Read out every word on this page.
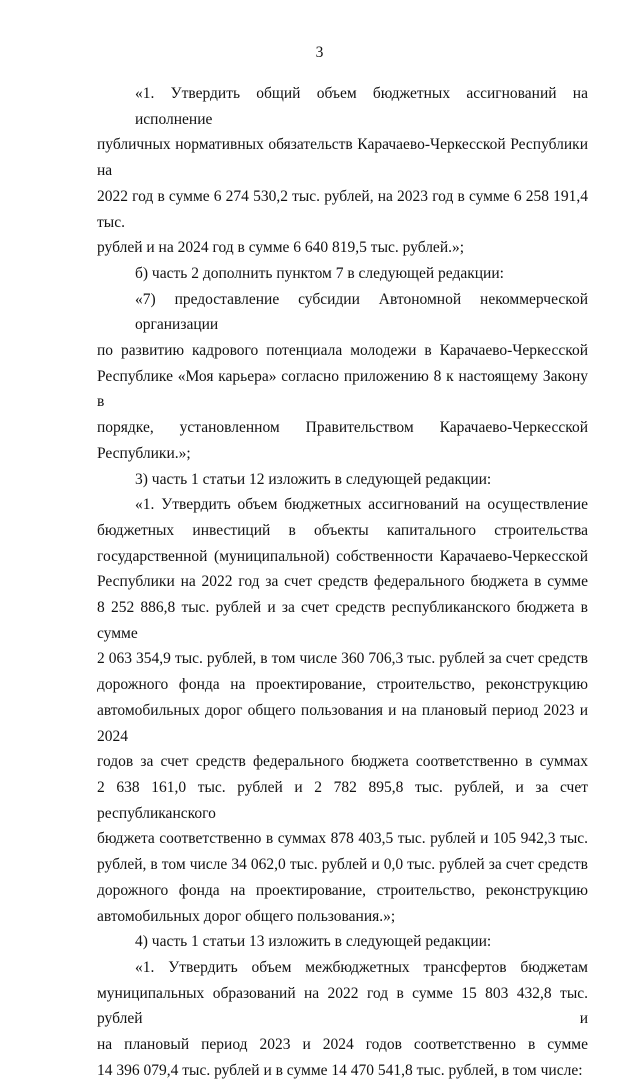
3

«1. Утвердить общий объем бюджетных ассигнований на исполнение
публичных нормативных обязательств Карачаево-Черкесской Республики на
2022 год в сумме 6 274 530,2 тыс. рублей, на 2023 год в сумме 6 258 191,4 тыс.
рублей и на 2024 год в сумме 6 640 819,5 тыс. рублей.»;

б) часть 2 дополнить пунктом 7 в следующей редакции:

«7) предоставление субсидии Автономной некоммерческой организации
по развитию кадрового потенциала молодежи в Карачаево-Черкесской
Республике «Моя карьера» согласно приложению 8 к настоящему Закону в
порядке, установленном Правительством Карачаево-Черкесской
Республики.»;

3) часть 1 статьи 12 изложить в следующей редакции:

«1. Утвердить объем бюджетных ассигнований на осуществление
бюджетных инвестиций в объекты капитального строительства
государственной (муниципальной) собственности Карачаево-Черкесской
Республики на 2022 год за счет средств федерального бюджета в сумме
8 252 886,8 тыс. рублей и за счет средств республиканского бюджета в сумме
2 063 354,9 тыс. рублей, в том числе 360 706,3 тыс. рублей за счет средств
дорожного фонда на проектирование, строительство, реконструкцию
автомобильных дорог общего пользования и на плановый период 2023 и 2024
годов за счет средств федерального бюджета соответственно в суммах
2 638 161,0 тыс. рублей и 2 782 895,8 тыс. рублей, и за счет республиканского
бюджета соответственно в суммах 878 403,5 тыс. рублей и 105 942,3 тыс.
рублей, в том числе 34 062,0 тыс. рублей и 0,0 тыс. рублей за счет средств
дорожного фонда на проектирование, строительство, реконструкцию
автомобильных дорог общего пользования.»;

4) часть 1 статьи 13 изложить в следующей редакции:

«1. Утвердить объем межбюджетных трансфертов бюджетам
муниципальных образований на 2022 год в сумме 15 803 432,8 тыс. рублей и
на плановый период 2023 и 2024 годов соответственно в сумме
14 396 079,4 тыс. рублей и в сумме 14 470 541,8 тыс. рублей, в том числе:
